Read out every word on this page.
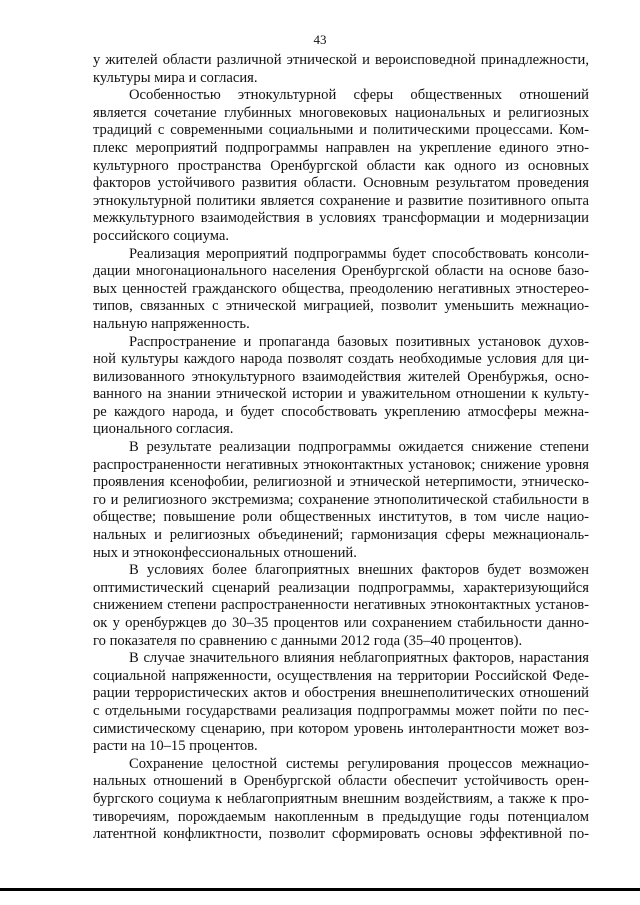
43
у жителей области различной этнической и вероисповедной принадлежности,
культуры мира и согласия.
Особенностью этнокультурной сферы общественных отношений
является сочетание глубинных многовековых национальных и религиозных
традиций с современными социальными и политическими процессами. Ком-
плекс мероприятий подпрограммы направлен на укрепление единого этно-
культурного пространства Оренбургской области как одного из основных
факторов устойчивого развития области. Основным результатом проведения
этнокультурной политики является сохранение и развитие позитивного опыта
межкультурного взаимодействия в условиях трансформации и модернизации
российского социума.
Реализация мероприятий подпрограммы будет способствовать консоли-
дации многонационального населения Оренбургской области на основе базо-
вых ценностей гражданского общества, преодолению негативных этностерео-
типов, связанных с этнической миграцией, позволит уменьшить межнацио-
нальную напряженность.
Распространение и пропаганда базовых позитивных установок духов-
ной культуры каждого народа позволят создать необходимые условия для ци-
вилизованного этнокультурного взаимодействия жителей Оренбуржья, осно-
ванного на знании этнической истории и уважительном отношении к культу-
ре каждого народа, и будет способствовать укреплению атмосферы межна-
ционального согласия.
В результате реализации подпрограммы ожидается снижение степени
распространенности негативных этноконтактных установок; снижение уровня
проявления ксенофобии, религиозной и этнической нетерпимости, этническо-
го и религиозного экстремизма; сохранение этнополитической стабильности в
обществе; повышение роли общественных институтов, в том числе нацио-
нальных и религиозных объединений; гармонизация сферы межнациональ-
ных и этноконфессиональных отношений.
В условиях более благоприятных внешних факторов будет возможен
оптимистический сценарий реализации подпрограммы, характеризующийся
снижением степени распространенности негативных этноконтактных установ-
ок у оренбуржцев до 30–35 процентов или сохранением стабильности данно-
го показателя по сравнению с данными 2012 года (35–40 процентов).
В случае значительного влияния неблагоприятных факторов, нарастания
социальной напряженности, осуществления на территории Российской Феде-
рации террористических актов и обострения внешнеполитических отношений
с отдельными государствами реализация подпрограммы может пойти по пес-
симистическому сценарию, при котором уровень интолерантности может воз-
расти на 10–15 процентов.
Сохранение целостной системы регулирования процессов межнацио-
нальных отношений в Оренбургской области обеспечит устойчивость орен-
бургского социума к неблагоприятным внешним воздействиям, а также к про-
тиворечиям, порождаемым накопленным в предыдущие годы потенциалом
латентной конфликтности, позволит сформировать основы эффективной по-
